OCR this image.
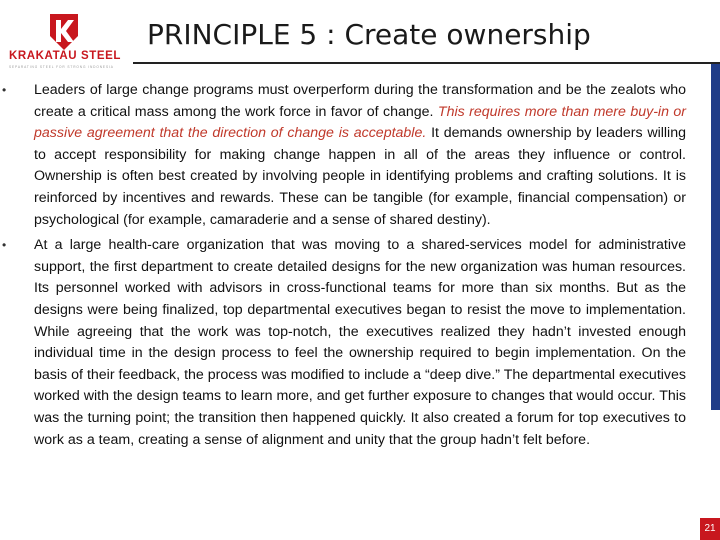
KRAKATAU STEEL
SEPARATING STEEL FOR STRONG INDONESIA
PRINCIPLE 5 : Create ownership
•	Leaders of large change programs must overperform during the transformation and be the zealots who create a critical mass among the work force in favor of change. This requires more than mere buy-in or passive agreement that the direction of change is acceptable. It demands ownership by leaders willing to accept responsibility for making change happen in all of the areas they influence or control. Ownership is often best created by involving people in identifying problems and crafting solutions. It is reinforced by incentives and rewards. These can be tangible (for example, financial compensation) or psychological (for example, camaraderie and a sense of shared destiny).
•	At a large health-care organization that was moving to a shared-services model for administrative support, the first department to create detailed designs for the new organization was human resources. Its personnel worked with advisors in cross-functional teams for more than six months. But as the designs were being finalized, top departmental executives began to resist the move to implementation. While agreeing that the work was top-notch, the executives realized they hadn’t invested enough individual time in the design process to feel the ownership required to begin implementation. On the basis of their feedback, the process was modified to include a “deep dive.” The departmental executives worked with the design teams to learn more, and get further exposure to changes that would occur. This was the turning point; the transition then happened quickly. It also created a forum for top executives to work as a team, creating a sense of alignment and unity that the group hadn’t felt before.
21
